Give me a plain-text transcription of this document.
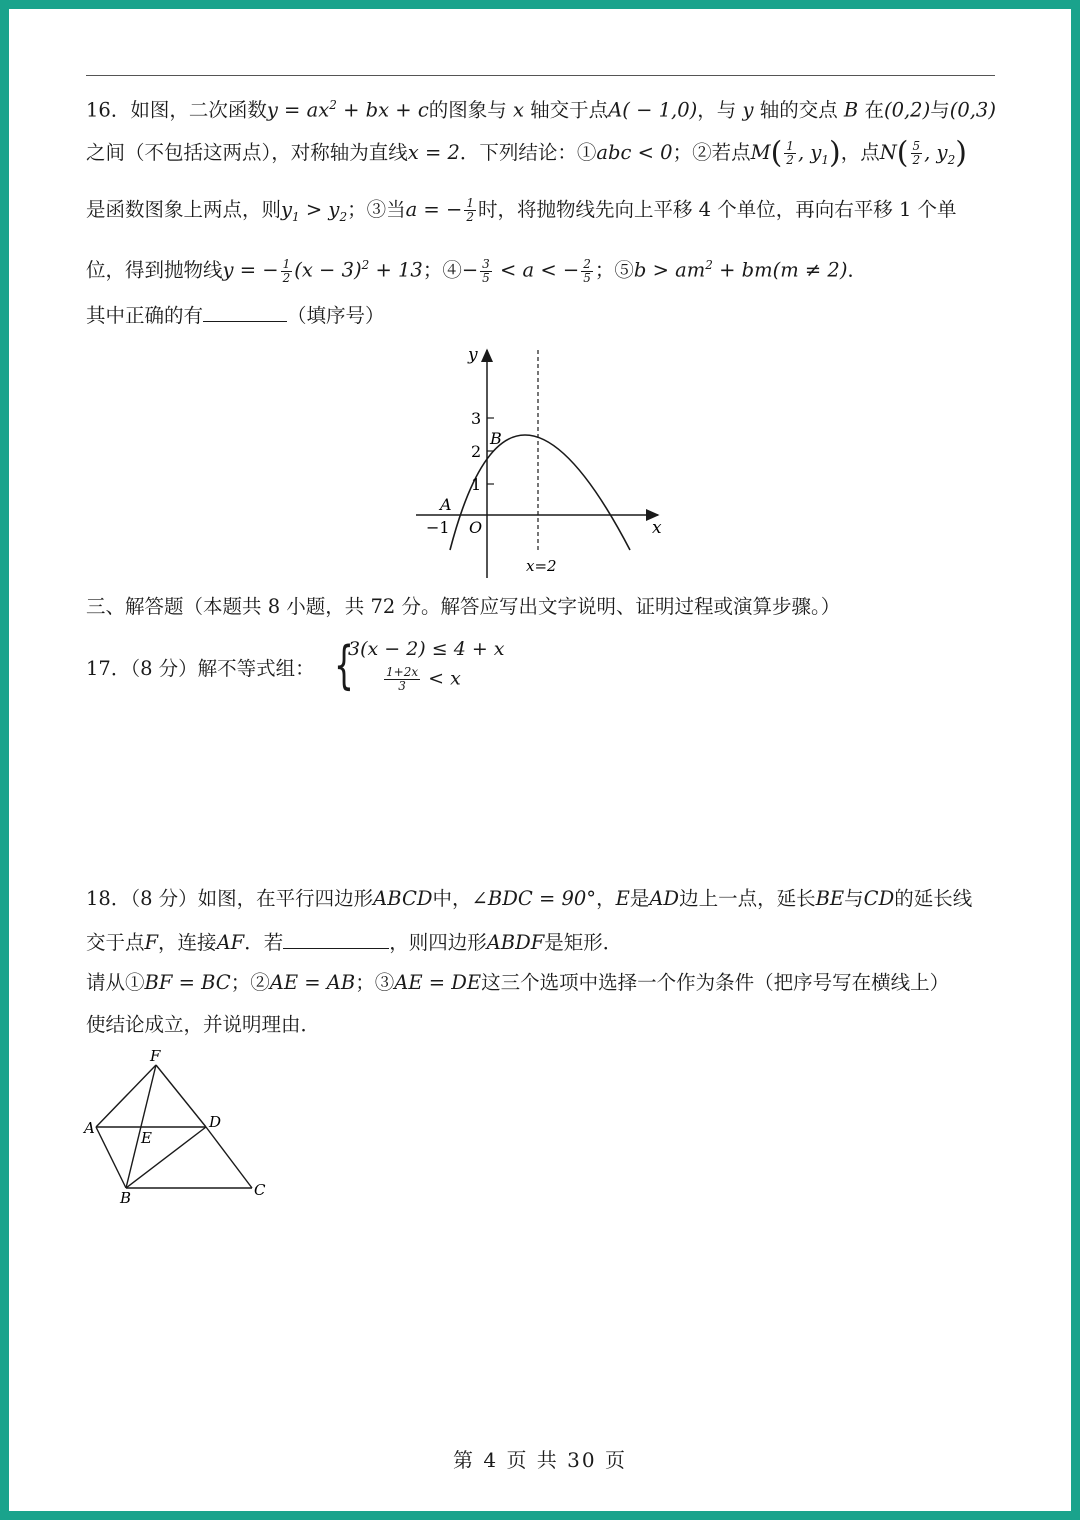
16．如图，二次函数$y = ax^2$ + bx + c的图象与 x 轴交于点A( − 1,0)，与 y 轴的交点 B 在(0,2)与(0,3)
之间（不包括这两点），对称轴为直线x = 2．下列结论：①abc < 0；②若点$M( \frac{1}{2}$ , $y_1$)，点$N( \frac{5}{2}$ , $y_2$)
是函数图象上两点，则$y_1 > y_2$；③当a = − $\frac{1}{2}$ 时，将抛物线先向上平移 4 个单位，再向右平移 1 个单
位，得到抛物线y = − $\frac{1}{2} (x - 3)^2 + 13$；④− $\frac{3}{5} < a$ < − $\frac{2}{5}$ ；⑤b > $am^2 + bm(m \ne 2)$．
其中正确的有	（填序号）
y
x
3
2
1
−1 O
A
B
x=2
三、解答题（本题共 8 小题，共 72 分。解答应写出文字说明、证明过程或演算步骤。）
17．（8 分）解不等式组： {
3(x − 2) ≤ 4 + x
$\frac{1+2x}{3} < x$
18．（8 分）如图，在平行四边形ABCD中，∠BDC = 90°，E是AD边上一点，延长BE与CD的延长线
交于点F，连接AF．若	，则四边形ABDF是矩形．
请从①BF = BC；②AE = AB；③AE = DE这三个选项中选择一个作为条件（把序号写在横线上）
使结论成立，并说明理由．
F
A	D
E
B	C
第 4 页 共 30 页
